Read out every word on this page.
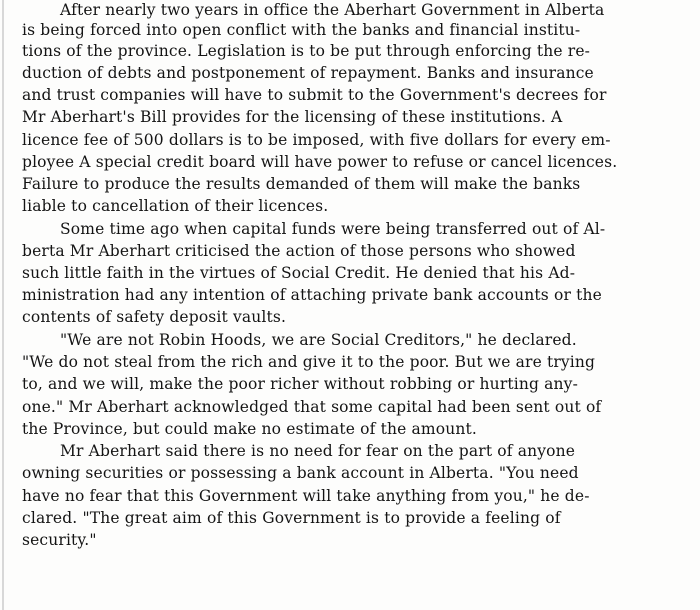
After nearly two years in office the Aberhart Government in Alberta
is being forced into open conflict with the banks and financial institu-
tions of the province. Legislation is to be put through enforcing the re-
duction of debts and postponement of repayment. Banks and insurance
and trust companies will have to submit to the Government's decrees for
Mr Aberhart's Bill provides for the licensing of these institutions. A
licence fee of 500 dollars is to be imposed, with five dollars for every em-
ployee A special credit board will have power to refuse or cancel licences.
Failure to produce the results demanded of them will make the banks
liable to cancellation of their licences.
Some time ago when capital funds were being transferred out of Al-
berta Mr Aberhart criticised the action of those persons who showed
such little faith in the virtues of Social Credit. He denied that his Ad-
ministration had any intention of attaching private bank accounts or the
contents of safety deposit vaults.
"We are not Robin Hoods, we are Social Creditors," he declared.
"We do not steal from the rich and give it to the poor. But we are trying
to, and we will, make the poor richer without robbing or hurting any-
one." Mr Aberhart acknowledged that some capital had been sent out of
the Province, but could make no estimate of the amount.
Mr Aberhart said there is no need for fear on the part of anyone
owning securities or possessing a bank account in Alberta. "You need
have no fear that this Government will take anything from you," he de-
clared. "The great aim of this Government is to provide a feeling of
security."
